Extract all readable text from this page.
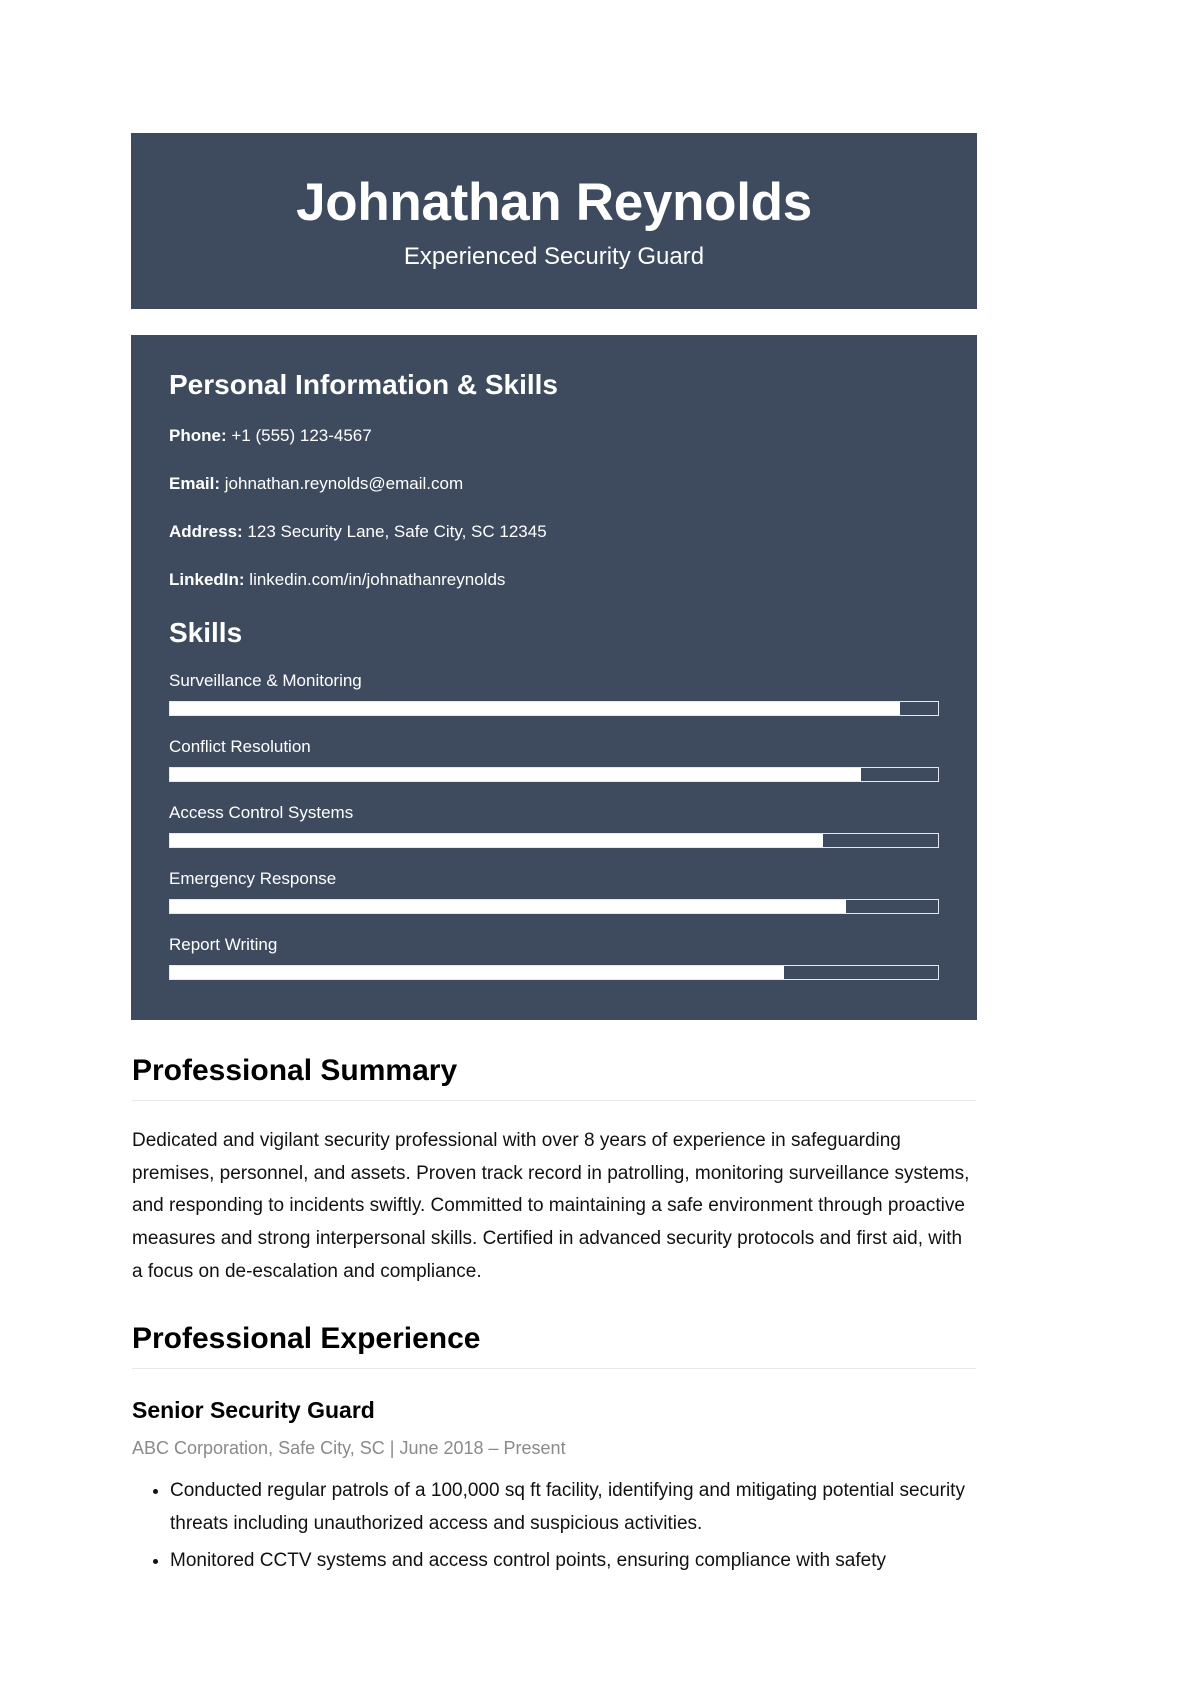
Johnathan Reynolds
Experienced Security Guard
Personal Information & Skills
Phone: +1 (555) 123-4567
Email: johnathan.reynolds@email.com
Address: 123 Security Lane, Safe City, SC 12345
LinkedIn: linkedin.com/in/johnathanreynolds
Skills
Surveillance & Monitoring
Conflict Resolution
Access Control Systems
Emergency Response
Report Writing
Professional Summary
Dedicated and vigilant security professional with over 8 years of experience in safeguarding premises, personnel, and assets. Proven track record in patrolling, monitoring surveillance systems, and responding to incidents swiftly. Committed to maintaining a safe environment through proactive measures and strong interpersonal skills. Certified in advanced security protocols and first aid, with a focus on de-escalation and compliance.
Professional Experience
Senior Security Guard
ABC Corporation, Safe City, SC | June 2018 – Present
• Conducted regular patrols of a 100,000 sq ft facility, identifying and mitigating potential security threats including unauthorized access and suspicious activities.
• Monitored CCTV systems and access control points, ensuring compliance with safety
